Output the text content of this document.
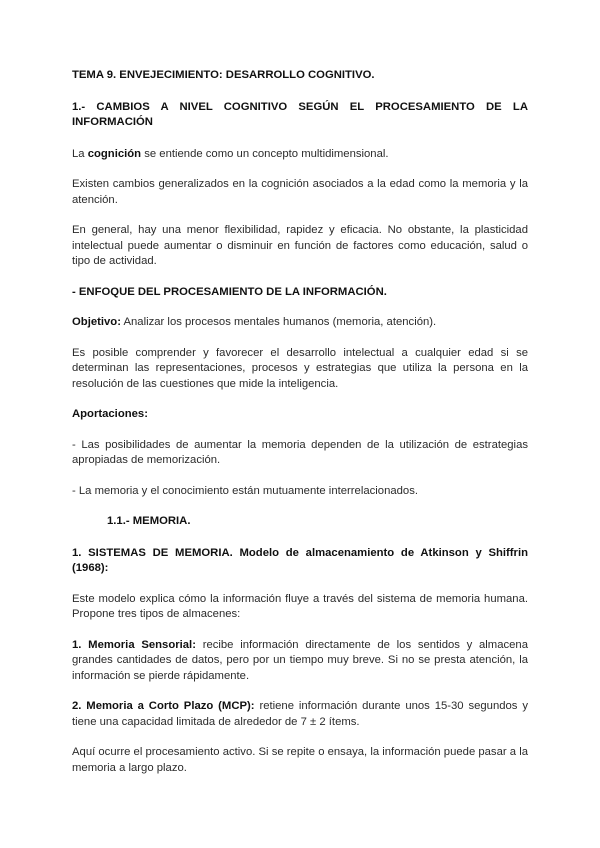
TEMA 9. ENVEJECIMIENTO: DESARROLLO COGNITIVO.

1.- CAMBIOS A NIVEL COGNITIVO SEGÚN EL PROCESAMIENTO DE LA INFORMACIÓN

La cognición se entiende como un concepto multidimensional.

Existen cambios generalizados en la cognición asociados a la edad como la memoria y la atención.

En general, hay una menor flexibilidad, rapidez y eficacia. No obstante, la plasticidad intelectual puede aumentar o disminuir en función de factores como educación, salud o tipo de actividad.

- ENFOQUE DEL PROCESAMIENTO DE LA INFORMACIÓN.

Objetivo: Analizar los procesos mentales humanos (memoria, atención).

Es posible comprender y favorecer el desarrollo intelectual a cualquier edad si se determinan las representaciones, procesos y estrategias que utiliza la persona en la resolución de las cuestiones que mide la inteligencia.

Aportaciones:

- Las posibilidades de aumentar la memoria dependen de la utilización de estrategias apropiadas de memorización.

- La memoria y el conocimiento están mutuamente interrelacionados.

1.1.- MEMORIA.

1. SISTEMAS DE MEMORIA. Modelo de almacenamiento de Atkinson y Shiffrin (1968):

Este modelo explica cómo la información fluye a través del sistema de memoria humana. Propone tres tipos de almacenes:

1. Memoria Sensorial: recibe información directamente de los sentidos y almacena grandes cantidades de datos, pero por un tiempo muy breve. Si no se presta atención, la información se pierde rápidamente.

2. Memoria a Corto Plazo (MCP): retiene información durante unos 15-30 segundos y tiene una capacidad limitada de alrededor de 7 ± 2 ítems.

Aquí ocurre el procesamiento activo. Si se repite o ensaya, la información puede pasar a la memoria a largo plazo.
